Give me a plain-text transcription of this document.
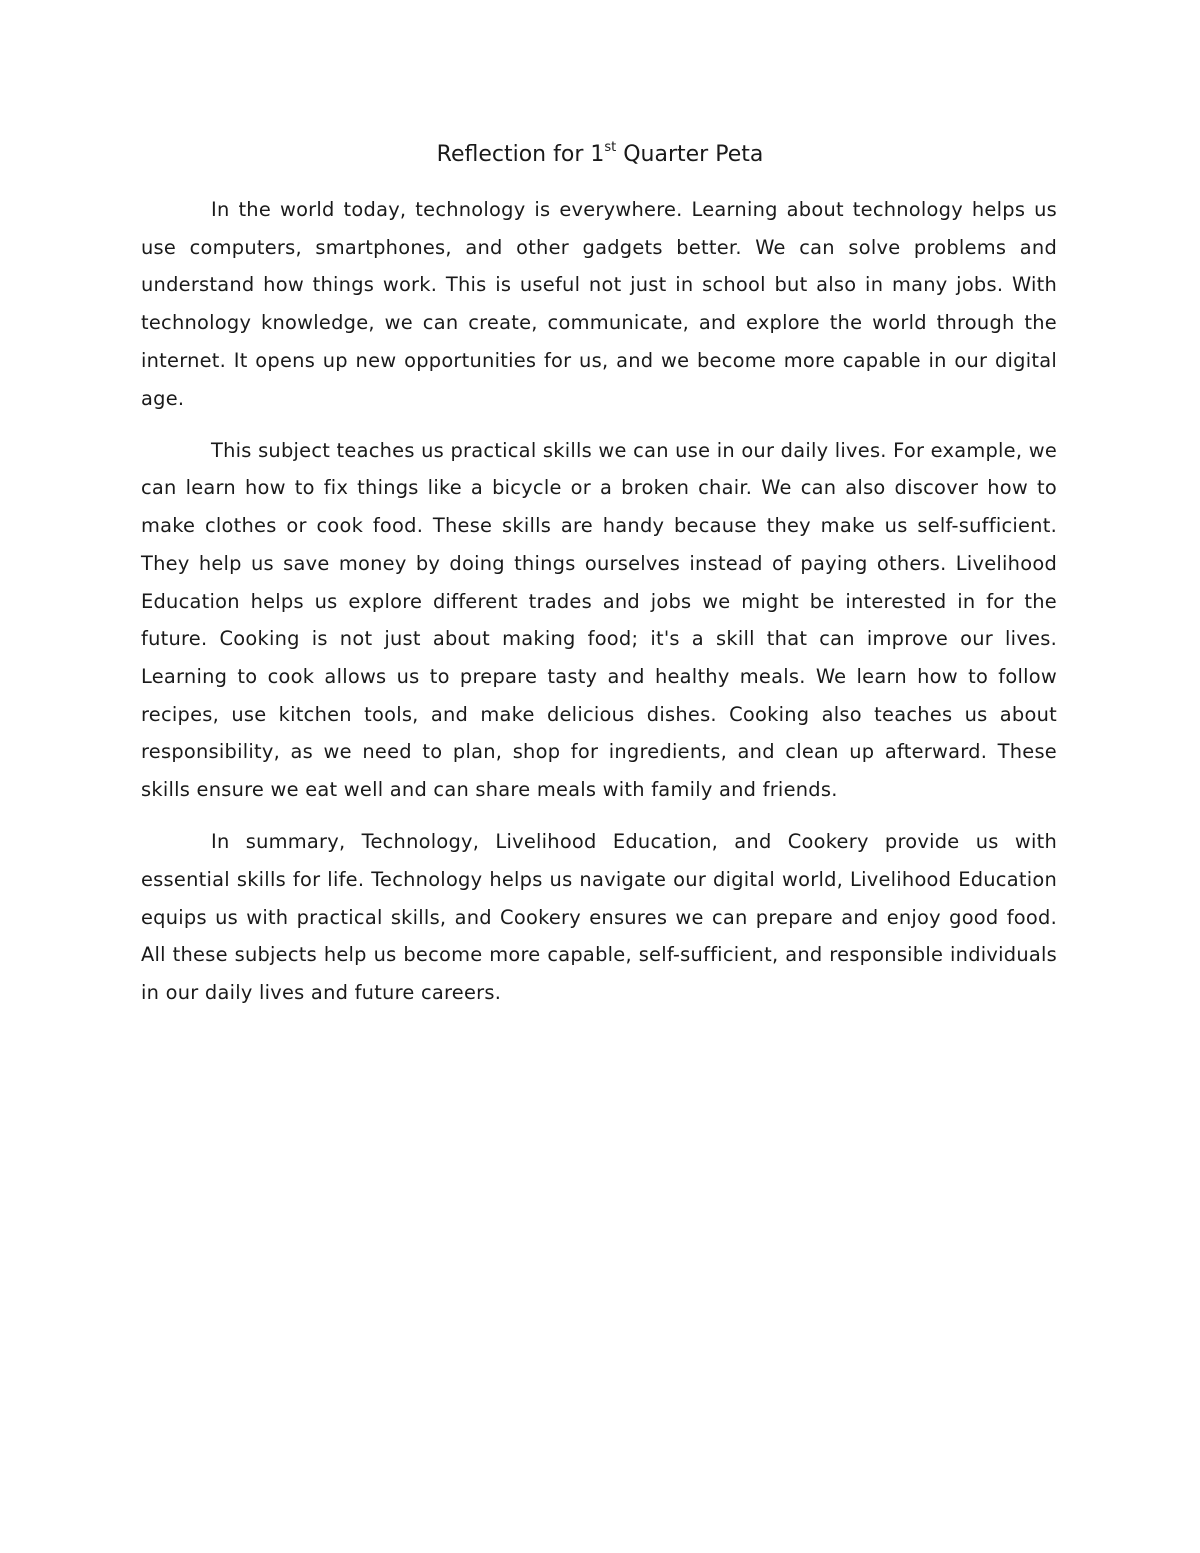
Reflection for 1st Quarter Peta

In the world today, technology is everywhere. Learning about technology helps us use computers, smartphones, and other gadgets better. We can solve problems and understand how things work. This is useful not just in school but also in many jobs. With technology knowledge, we can create, communicate, and explore the world through the internet. It opens up new opportunities for us, and we become more capable in our digital age.

This subject teaches us practical skills we can use in our daily lives. For example, we can learn how to fix things like a bicycle or a broken chair. We can also discover how to make clothes or cook food. These skills are handy because they make us self-sufficient. They help us save money by doing things ourselves instead of paying others. Livelihood Education helps us explore different trades and jobs we might be interested in for the future. Cooking is not just about making food; it's a skill that can improve our lives. Learning to cook allows us to prepare tasty and healthy meals. We learn how to follow recipes, use kitchen tools, and make delicious dishes. Cooking also teaches us about responsibility, as we need to plan, shop for ingredients, and clean up afterward. These skills ensure we eat well and can share meals with family and friends.

In summary, Technology, Livelihood Education, and Cookery provide us with essential skills for life. Technology helps us navigate our digital world, Livelihood Education equips us with practical skills, and Cookery ensures we can prepare and enjoy good food. All these subjects help us become more capable, self-sufficient, and responsible individuals in our daily lives and future careers.
